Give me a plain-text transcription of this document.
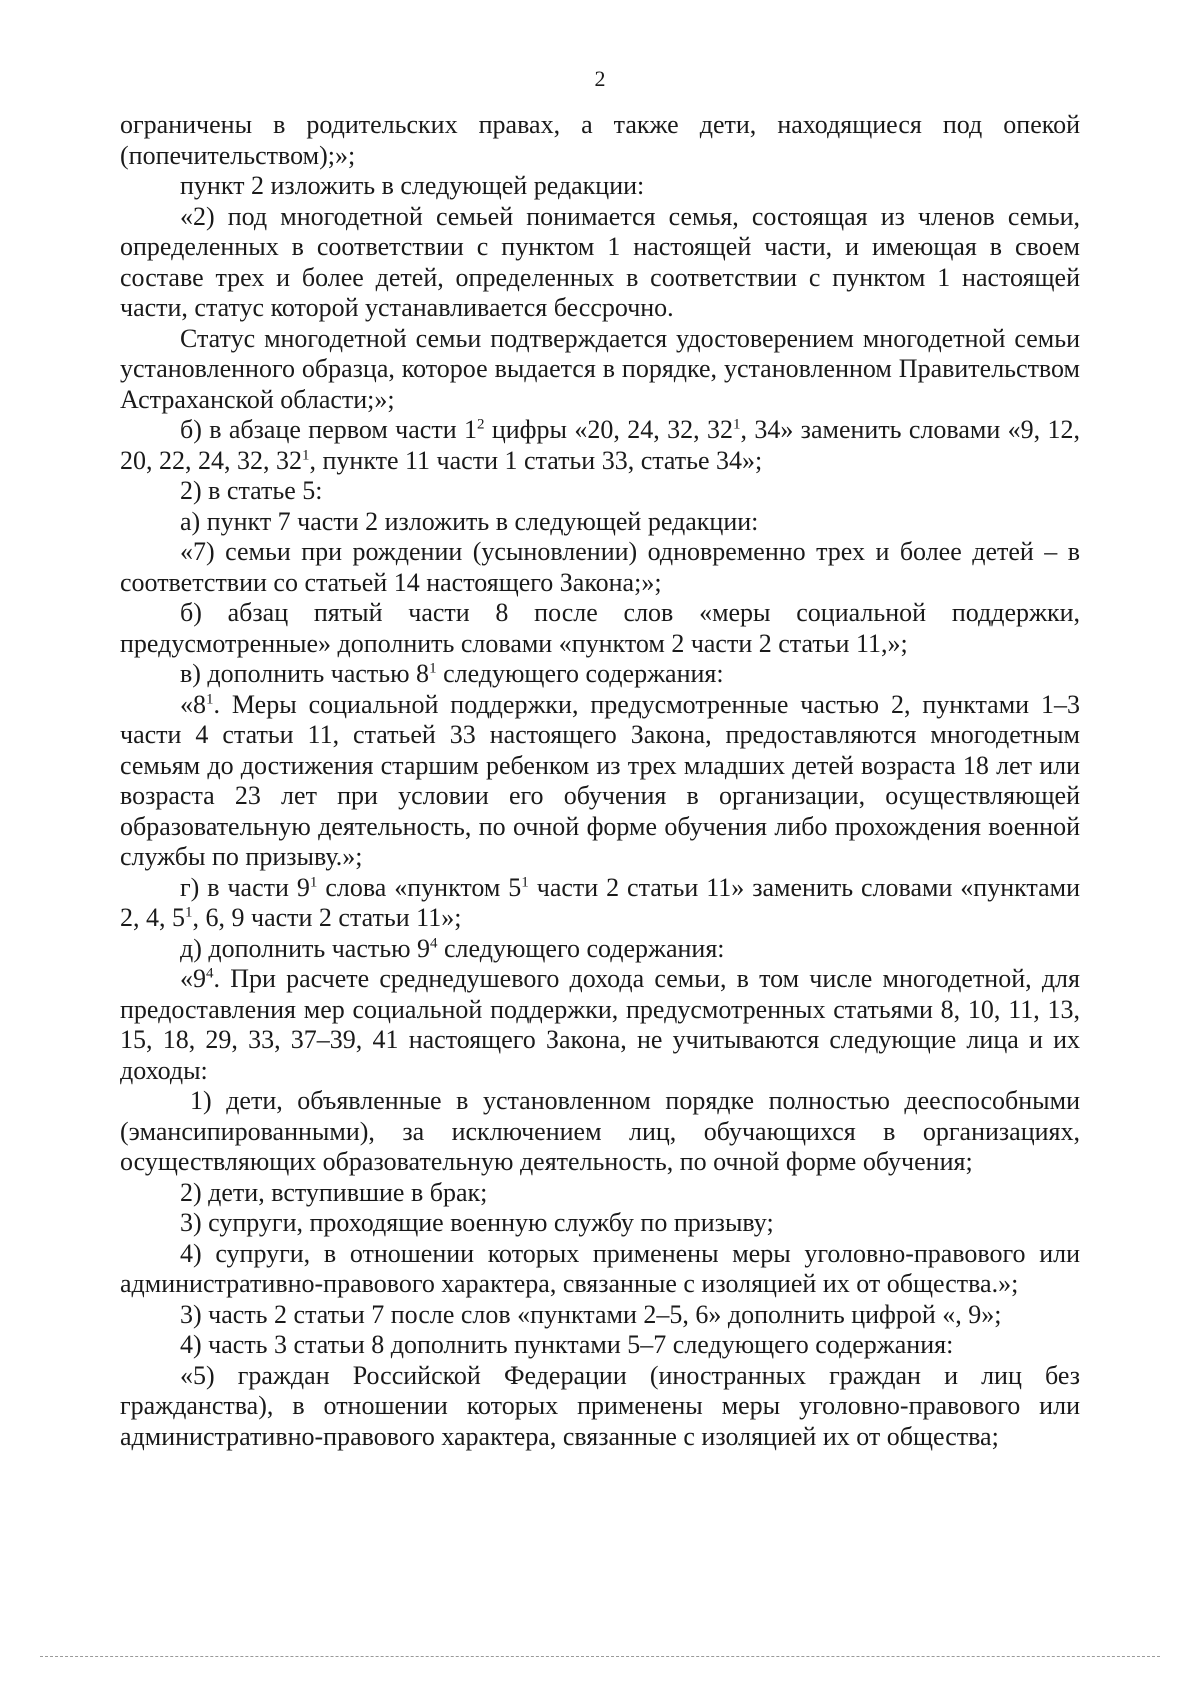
2

ограничены в родительских правах, а также дети, находящиеся под опекой (попечительством);»;

пункт 2 изложить в следующей редакции:

«2) под многодетной семьей понимается семья, состоящая из членов семьи, определенных в соответствии с пунктом 1 настоящей части, и имеющая в своем составе трех и более детей, определенных в соответствии с пунктом 1 настоящей части, статус которой устанавливается бессрочно.

Статус многодетной семьи подтверждается удостоверением многодетной семьи установленного образца, которое выдается в порядке, установленном Правительством Астраханской области;»;

б) в абзаце первом части $1^2$ цифры «20, 24, 32, $32^1$, 34» заменить словами «9, 12, 20, 22, 24, 32, $32^1$, пункте 11 части 1 статьи 33, статье 34»;

2) в статье 5:

а) пункт 7 части 2 изложить в следующей редакции:

«7) семьи при рождении (усыновлении) одновременно трех и более детей – в соответствии со статьей 14 настоящего Закона;»;

б) абзац пятый части 8 после слов «меры социальной поддержки, предусмотренные» дополнить словами «пунктом 2 части 2 статьи 11,»;

в) дополнить частью $8^1$ следующего содержания:

«$8^1$. Меры социальной поддержки, предусмотренные частью 2, пунктами 1–3 части 4 статьи 11, статьей 33 настоящего Закона, предоставляются многодетным семьям до достижения старшим ребенком из трех младших детей возраста 18 лет или возраста 23 лет при условии его обучения в организации, осуществляющей образовательную деятельность, по очной форме обучения либо прохождения военной службы по призыву.»;

г) в части $9^1$ слова «пунктом $5^1$ части 2 статьи 11» заменить словами «пунктами 2, 4, $5^1$, 6, 9 части 2 статьи 11»;

д) дополнить частью $9^4$ следующего содержания:

«$9^4$. При расчете среднедушевого дохода семьи, в том числе многодетной, для предоставления мер социальной поддержки, предусмотренных статьями 8, 10, 11, 13, 15, 18, 29, 33, 37–39, 41 настоящего Закона, не учитываются следующие лица и их доходы:

1) дети, объявленные в установленном порядке полностью дееспособными (эмансипированными), за исключением лиц, обучающихся в организациях, осуществляющих образовательную деятельность, по очной форме обучения;

2) дети, вступившие в брак;

3) супруги, проходящие военную службу по призыву;

4) супруги, в отношении которых применены меры уголовно-правового или административно-правового характера, связанные с изоляцией их от общества.»;

3) часть 2 статьи 7 после слов «пунктами 2–5, 6» дополнить цифрой «, 9»;

4) часть 3 статьи 8 дополнить пунктами 5–7 следующего содержания:

«5) граждан Российской Федерации (иностранных граждан и лиц без гражданства), в отношении которых применены меры уголовно-правового или административно-правового характера, связанные с изоляцией их от общества;
